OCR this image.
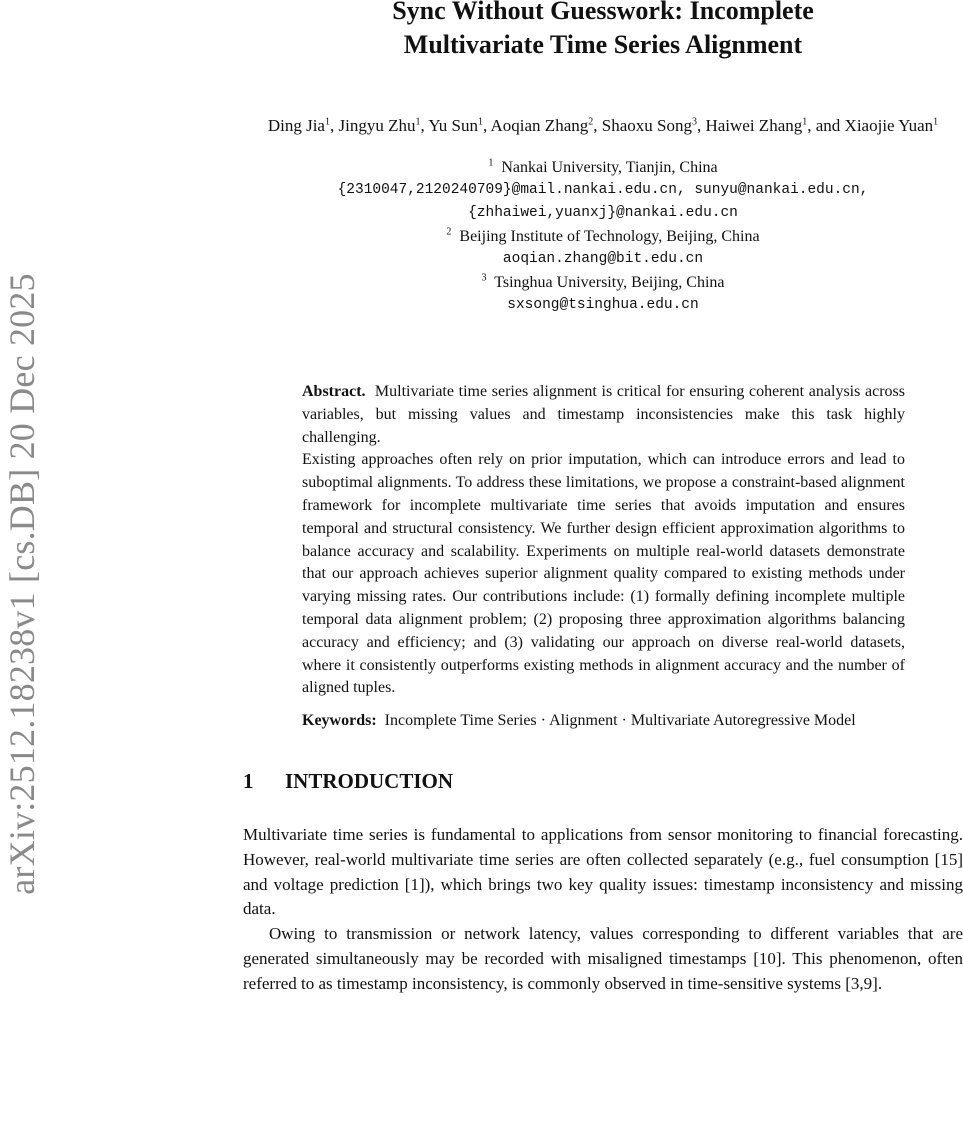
arXiv:2512.18238v1 [cs.DB] 20 Dec 2025
Sync Without Guesswork: Incomplete
Multivariate Time Series Alignment
Ding Jia$^1$, Jingyu Zhu$^1$, Yu Sun$^1$, Aoqian Zhang$^2$, Shaoxu Song$^3$, Haiwei Zhang$^1$, and Xiaojie Yuan$^1$
$^1$ Nankai University, Tianjin, China
{2310047,2120240709}@mail.nankai.edu.cn, sunyu@nankai.edu.cn,
{zhhaiwei,yuanxj}@nankai.edu.cn
$^2$ Beijing Institute of Technology, Beijing, China
aoqian.zhang@bit.edu.cn
$^3$ Tsinghua University, Beijing, China
sxsong@tsinghua.edu.cn

Abstract. Multivariate time series alignment is critical for ensuring coherent analysis across variables, but missing values and timestamp inconsistencies make this task highly challenging.

Existing approaches often rely on prior imputation, which can introduce errors and lead to suboptimal alignments. To address these limitations, we propose a constraint-based alignment framework for incomplete multivariate time series that avoids imputation and ensures temporal and structural consistency. We further design efficient approximation algorithms to balance accuracy and scalability. Experiments on multiple real-world datasets demonstrate that our approach achieves superior alignment quality compared to existing methods under varying missing rates. Our contributions include: (1) formally defining incomplete multiple temporal data alignment problem; (2) proposing three approximation algorithms balancing accuracy and efficiency; and (3) validating our approach on diverse real-world datasets, where it consistently outperforms existing methods in alignment accuracy and the number of aligned tuples.

Keywords: Incomplete Time Series · Alignment · Multivariate Autoregressive Model
1 INTRODUCTION

Multivariate time series is fundamental to applications from sensor monitoring to financial forecasting. However, real-world multivariate time series are often collected separately (e.g., fuel consumption [15] and voltage prediction [1]), which brings two key quality issues: timestamp inconsistency and missing data.

Owing to transmission or network latency, values corresponding to different variables that are generated simultaneously may be recorded with misaligned timestamps [10]. This phenomenon, often referred to as timestamp inconsistency, is commonly observed in time-sensitive systems [3,9].
